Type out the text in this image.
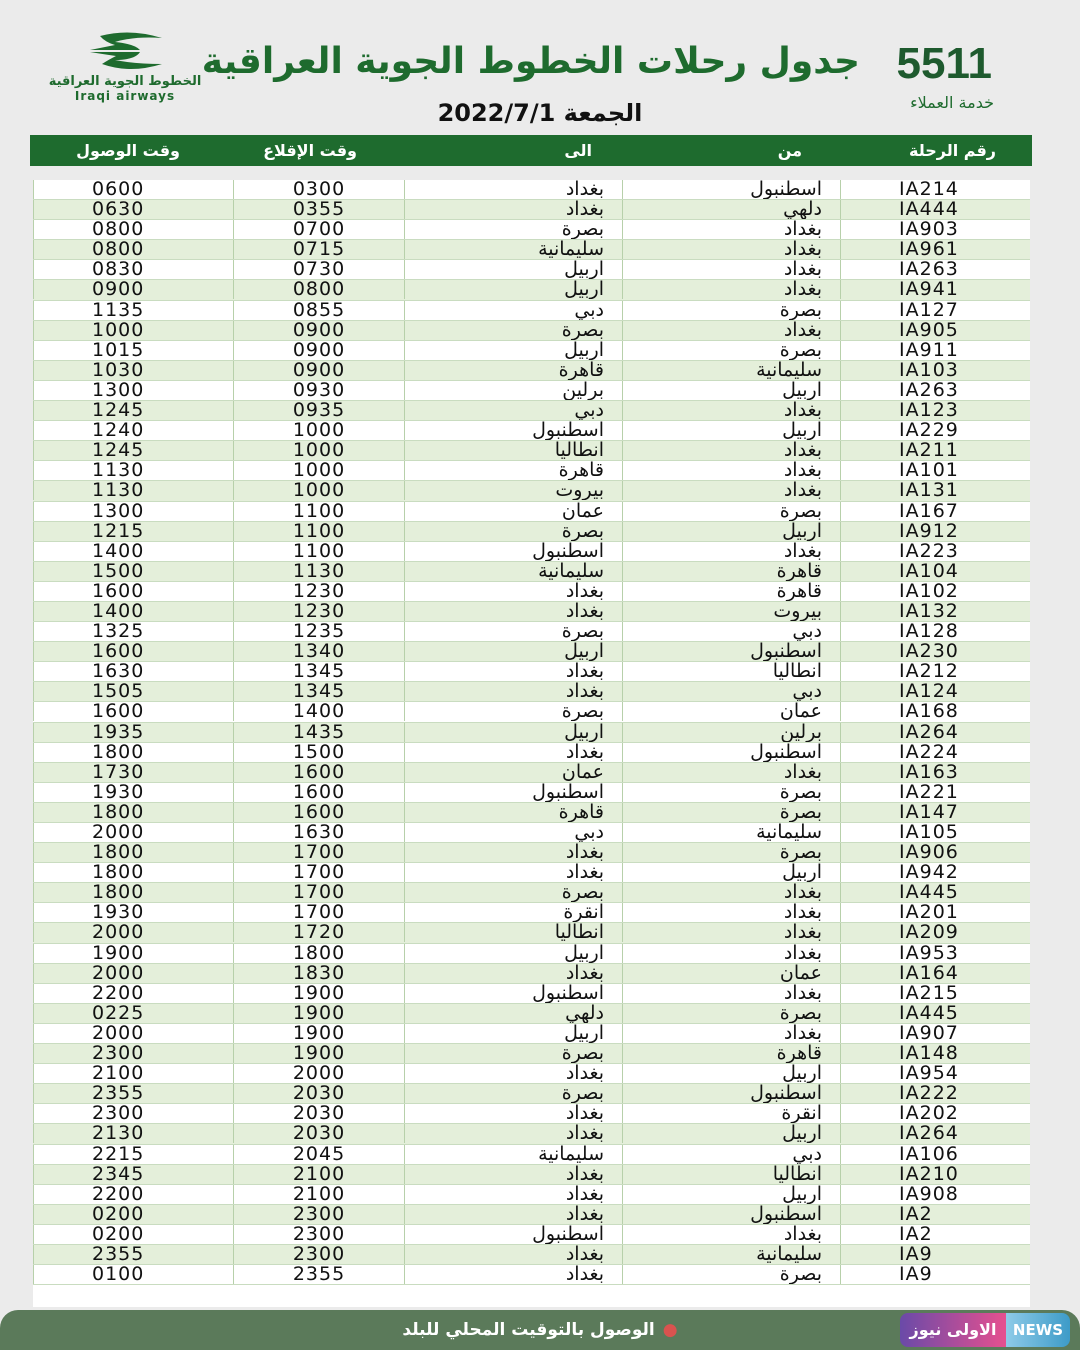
الخطوط الجوية العراقية
Iraqi airways
جدول رحلات الخطوط الجوية العراقية
الجمعة 2022/7/1
5511
خدمة العملاء
رقم الرحلة
من
الى
وقت الإقلاع
وقت الوصول
IA214
اسطنبول
بغداد
0300
0600
IA444
دلهي
بغداد
0355
0630
IA903
بغداد
بصرة
0700
0800
IA961
بغداد
سليمانية
0715
0800
IA263
بغداد
اربيل
0730
0830
IA941
بغداد
اربيل
0800
0900
IA127
بصرة
دبي
0855
1135
IA905
بغداد
بصرة
0900
1000
IA911
بصرة
اربيل
0900
1015
IA103
سليمانية
قاهرة
0900
1030
IA263
اربيل
برلين
0930
1300
IA123
بغداد
دبي
0935
1245
IA229
اربيل
اسطنبول
1000
1240
IA211
بغداد
انطاليا
1000
1245
IA101
بغداد
قاهرة
1000
1130
IA131
بغداد
بيروت
1000
1130
IA167
بصرة
عمان
1100
1300
IA912
اربيل
بصرة
1100
1215
IA223
بغداد
اسطنبول
1100
1400
IA104
قاهرة
سليمانية
1130
1500
IA102
قاهرة
بغداد
1230
1600
IA132
بيروت
بغداد
1230
1400
IA128
دبي
بصرة
1235
1325
IA230
اسطنبول
اربيل
1340
1600
IA212
انطاليا
بغداد
1345
1630
IA124
دبي
بغداد
1345
1505
IA168
عمان
بصرة
1400
1600
IA264
برلين
اربيل
1435
1935
IA224
اسطنبول
بغداد
1500
1800
IA163
بغداد
عمان
1600
1730
IA221
بصرة
اسطنبول
1600
1930
IA147
بصرة
قاهرة
1600
1800
IA105
سليمانية
دبي
1630
2000
IA906
بصرة
بغداد
1700
1800
IA942
اربيل
بغداد
1700
1800
IA445
بغداد
بصرة
1700
1800
IA201
بغداد
انقرة
1700
1930
IA209
بغداد
انطاليا
1720
2000
IA953
بغداد
اربيل
1800
1900
IA164
عمان
بغداد
1830
2000
IA215
بغداد
اسطنبول
1900
2200
IA445
بصرة
دلهي
1900
0225
IA907
بغداد
اربيل
1900
2000
IA148
قاهرة
بصرة
1900
2300
IA954
اربيل
بغداد
2000
2100
IA222
اسطنبول
بصرة
2030
2355
IA202
انقرة
بغداد
2030
2300
IA264
اربيل
بغداد
2030
2130
IA106
دبي
سليمانية
2045
2215
IA210
انطاليا
بغداد
2100
2345
IA908
اربيل
بغداد
2100
2200
IA2
اسطنبول
بغداد
2300
0200
IA2
بغداد
اسطنبول
2300
0200
IA9
سليمانية
بغداد
2300
2355
IA9
بصرة
بغداد
2355
0100
●الوصول بالتوقيت المحلي للبلد	الاولى نيوز	NEWS
